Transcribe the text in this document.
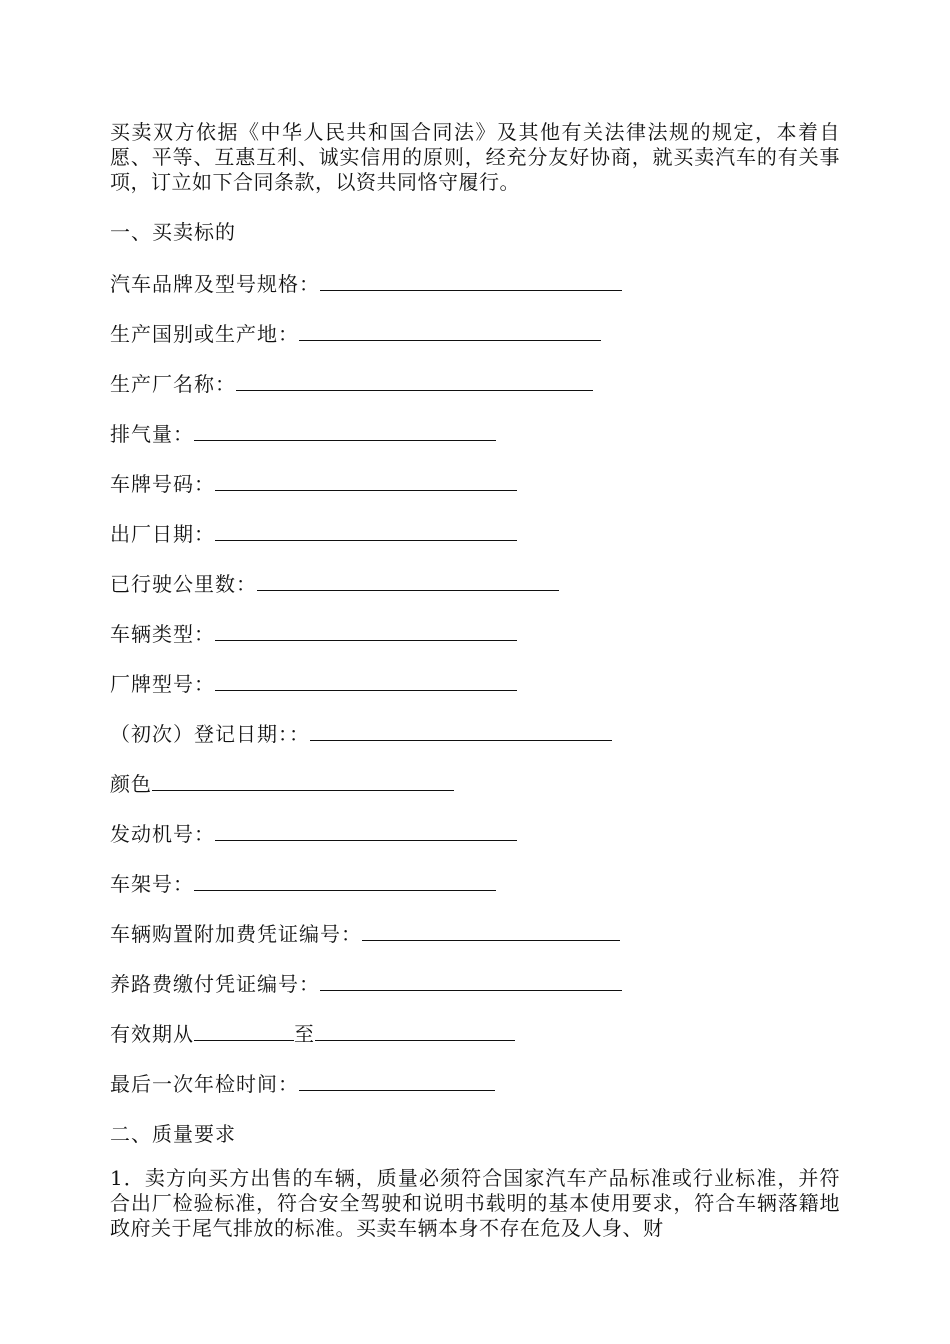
买卖双方依据《中华人民共和国合同法》及其他有关法律法规的规定，本着自愿、平等、互惠互利、诚实信用的原则，经充分友好协商，就买卖汽车的有关事项，订立如下合同条款，以资共同恪守履行。

一、买卖标的

汽车品牌及型号规格：
生产国别或生产地：
生产厂名称：
排气量：
车牌号码：
出厂日期：
已行驶公里数：
车辆类型：
厂牌型号：
（初次）登记日期：：
颜色
发动机号：
车架号：
车辆购置附加费凭证编号：
养路费缴付凭证编号：
有效期从	至
最后一次年检时间：

二、质量要求

1．卖方向买方出售的车辆，质量必须符合国家汽车产品标准或行业标准，并符合出厂检验标准，符合安全驾驶和说明书载明的基本使用要求，符合车辆落籍地政府关于尾气排放的标准。买卖车辆本身不存在危及人身、财
